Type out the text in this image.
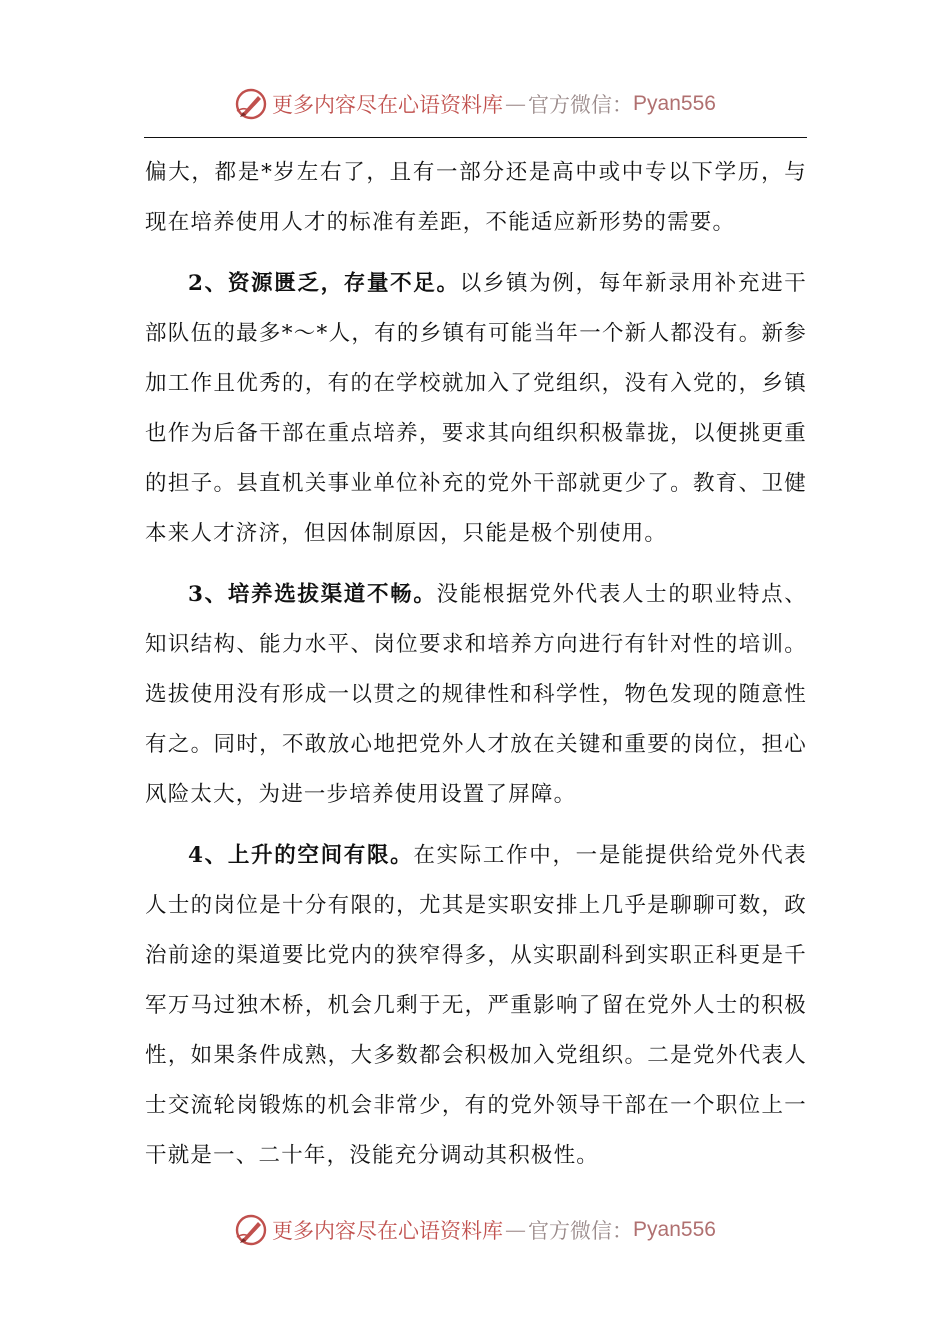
更多内容尽在心语资料库 — 官方微信： Pyan556

偏大，都是*岁左右了，且有一部分还是高中或中专以下学历，与现在培养使用人才的标准有差距，不能适应新形势的需要。

2、资源匮乏，存量不足。以乡镇为例，每年新录用补充进干部队伍的最多*～*人，有的乡镇有可能当年一个新人都没有。新参加工作且优秀的，有的在学校就加入了党组织，没有入党的，乡镇也作为后备干部在重点培养，要求其向组织积极靠拢，以便挑更重的担子。县直机关事业单位补充的党外干部就更少了。教育、卫健本来人才济济，但因体制原因，只能是极个别使用。

3、培养选拔渠道不畅。没能根据党外代表人士的职业特点、知识结构、能力水平、岗位要求和培养方向进行有针对性的培训。选拔使用没有形成一以贯之的规律性和科学性，物色发现的随意性有之。同时，不敢放心地把党外人才放在关键和重要的岗位，担心风险太大，为进一步培养使用设置了屏障。

4、上升的空间有限。在实际工作中，一是能提供给党外代表人士的岗位是十分有限的，尤其是实职安排上几乎是聊聊可数，政治前途的渠道要比党内的狭窄得多，从实职副科到实职正科更是千军万马过独木桥，机会几剩于无，严重影响了留在党外人士的积极性，如果条件成熟，大多数都会积极加入党组织。二是党外代表人士交流轮岗锻炼的机会非常少，有的党外领导干部在一个职位上一干就是一、二十年，没能充分调动其积极性。

更多内容尽在心语资料库 — 官方微信： Pyan556
